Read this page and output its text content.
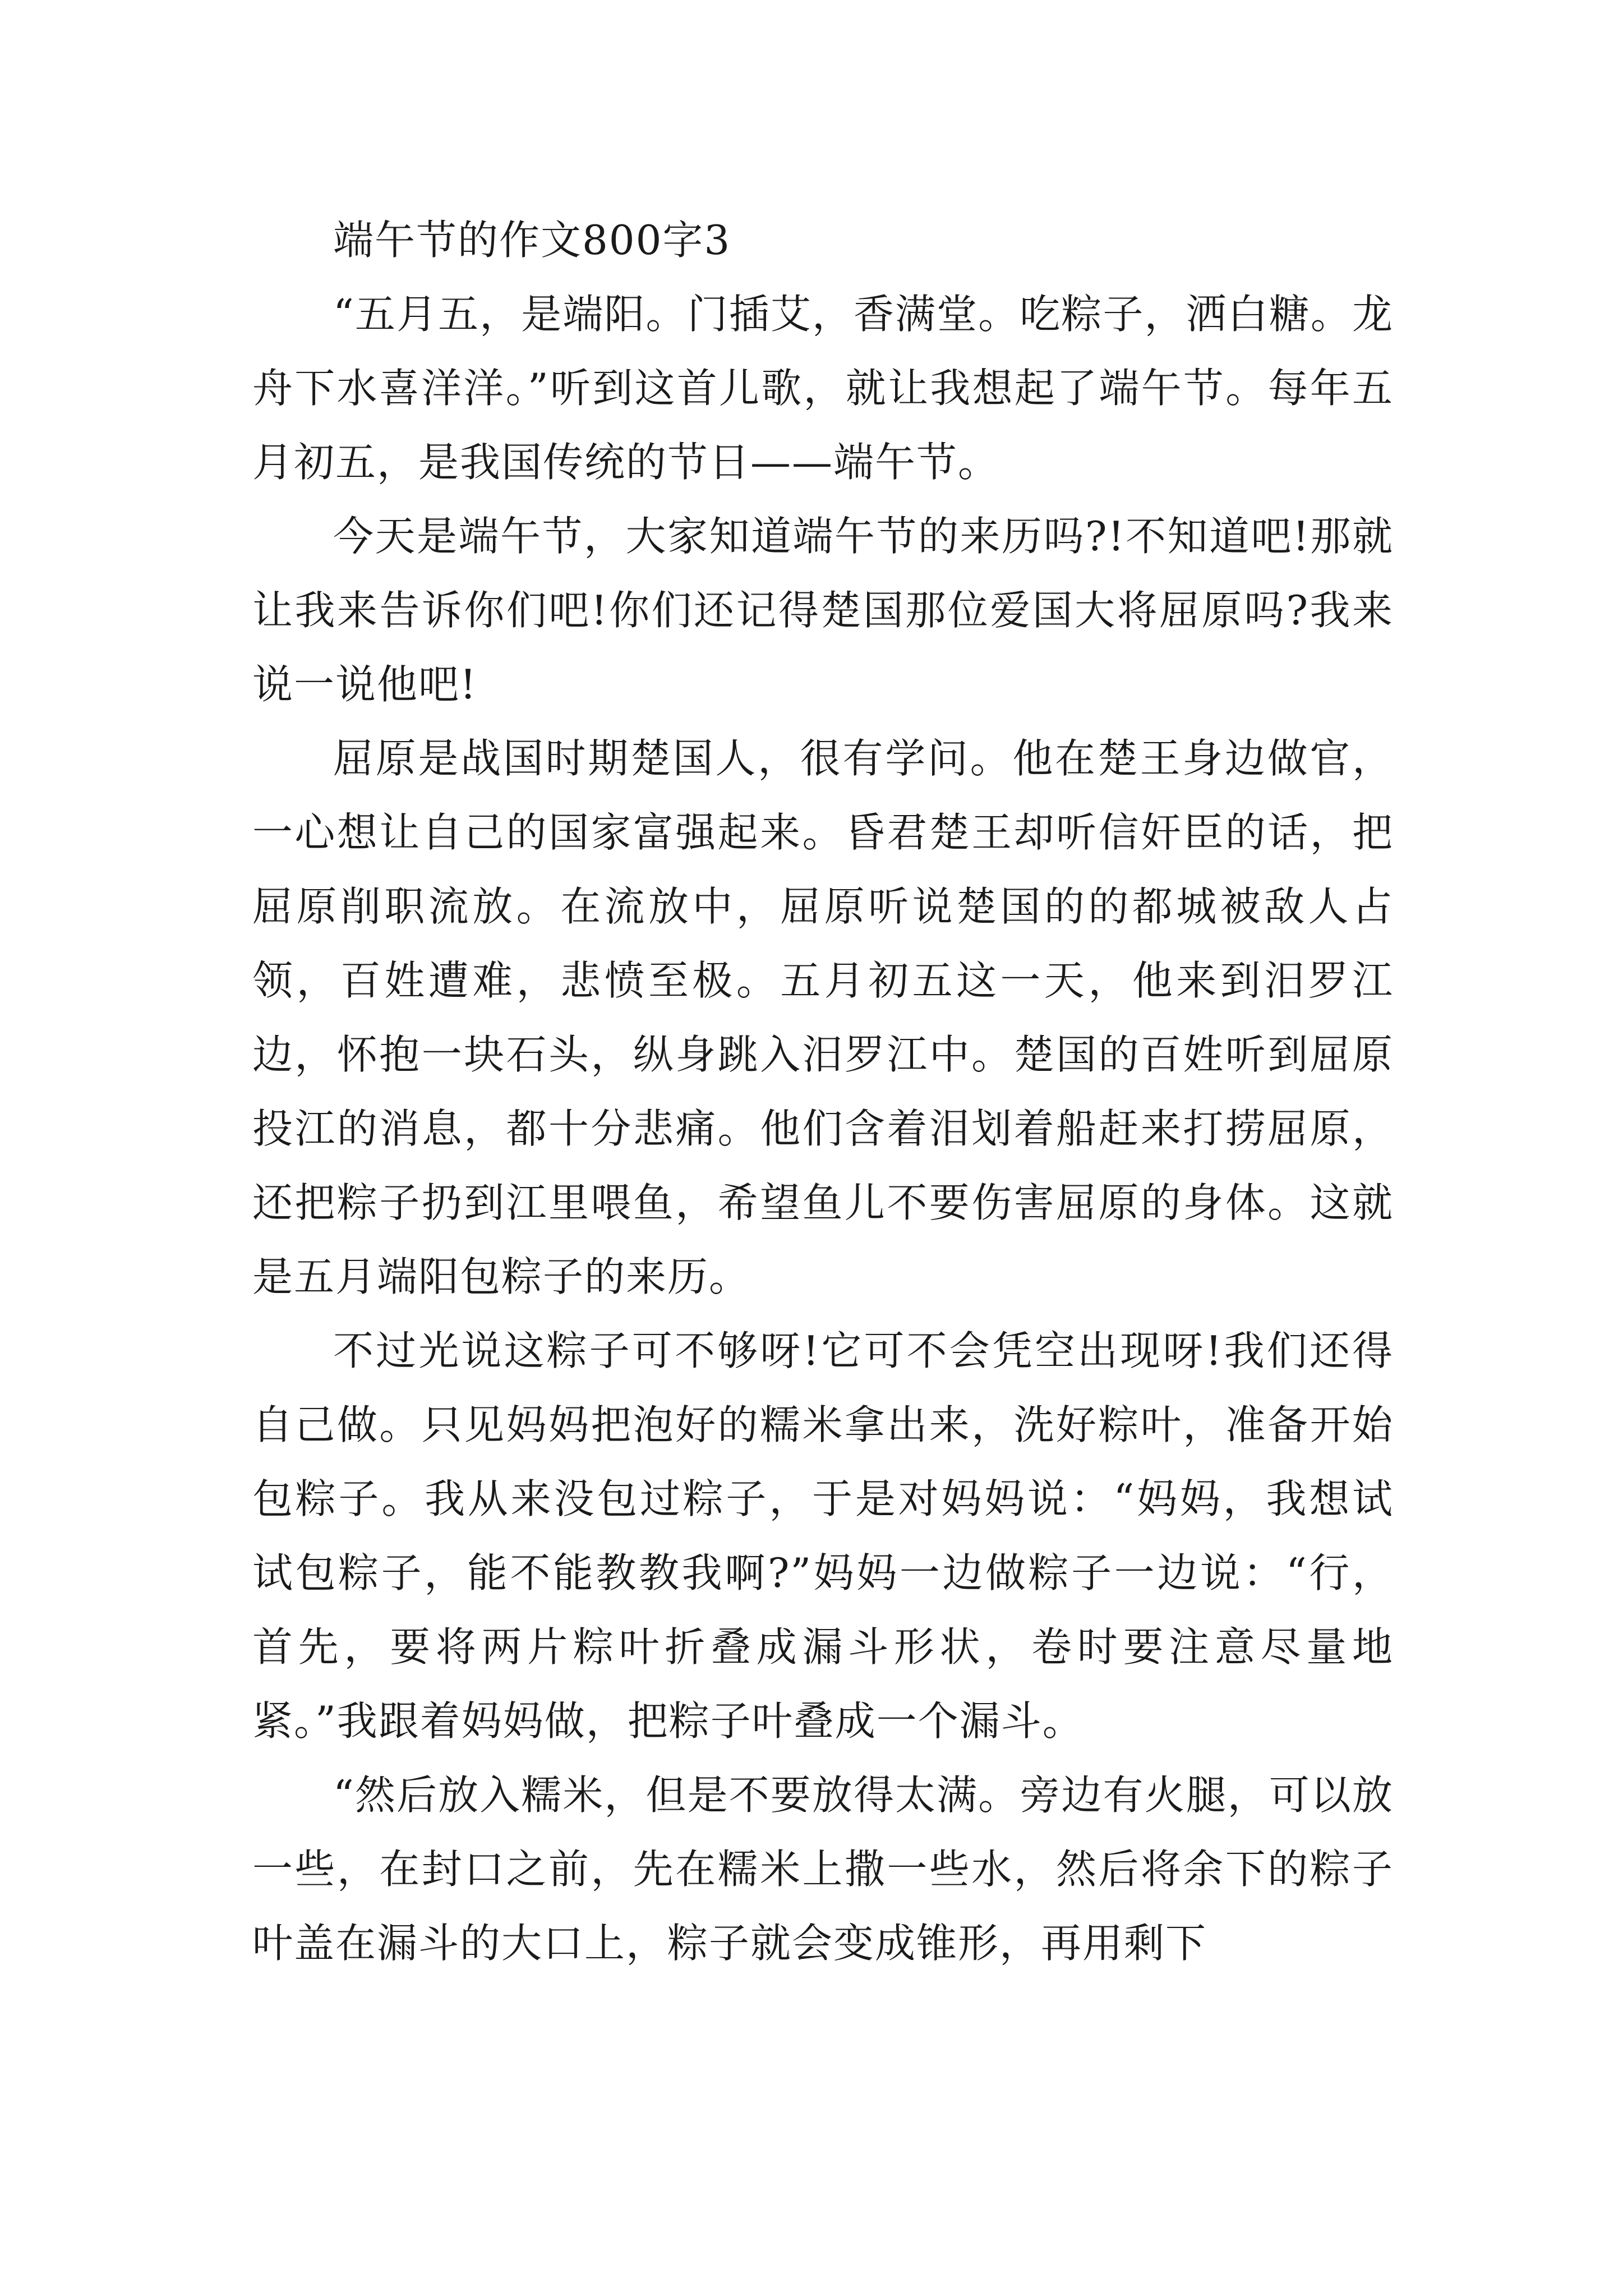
端午节的作文800字3

“五月五，是端阳。门插艾，香满堂。吃粽子，洒白糖。龙舟下水喜洋洋。”听到这首儿歌，就让我想起了端午节。每年五月初五，是我国传统的节日——端午节。

今天是端午节，大家知道端午节的来历吗?!不知道吧!那就让我来告诉你们吧!你们还记得楚国那位爱国大将屈原吗?我来说一说他吧!

屈原是战国时期楚国人，很有学问。他在楚王身边做官，一心想让自己的国家富强起来。昏君楚王却听信奸臣的话，把屈原削职流放。在流放中，屈原听说楚国的的都城被敌人占领，百姓遭难，悲愤至极。五月初五这一天，他来到汨罗江边，怀抱一块石头，纵身跳入汨罗江中。楚国的百姓听到屈原投江的消息，都十分悲痛。他们含着泪划着船赶来打捞屈原，还把粽子扔到江里喂鱼，希望鱼儿不要伤害屈原的身体。这就是五月端阳包粽子的来历。

不过光说这粽子可不够呀!它可不会凭空出现呀!我们还得自己做。只见妈妈把泡好的糯米拿出来，洗好粽叶，准备开始包粽子。我从来没包过粽子，于是对妈妈说：“妈妈，我想试试包粽子，能不能教教我啊?”妈妈一边做粽子一边说：“行，首先，要将两片粽叶折叠成漏斗形状，卷时要注意尽量地紧。”我跟着妈妈做，把粽子叶叠成一个漏斗。

“然后放入糯米，但是不要放得太满。旁边有火腿，可以放一些，在封口之前，先在糯米上撒一些水，然后将余下的粽子叶盖在漏斗的大口上，粽子就会变成锥形，再用剩下
